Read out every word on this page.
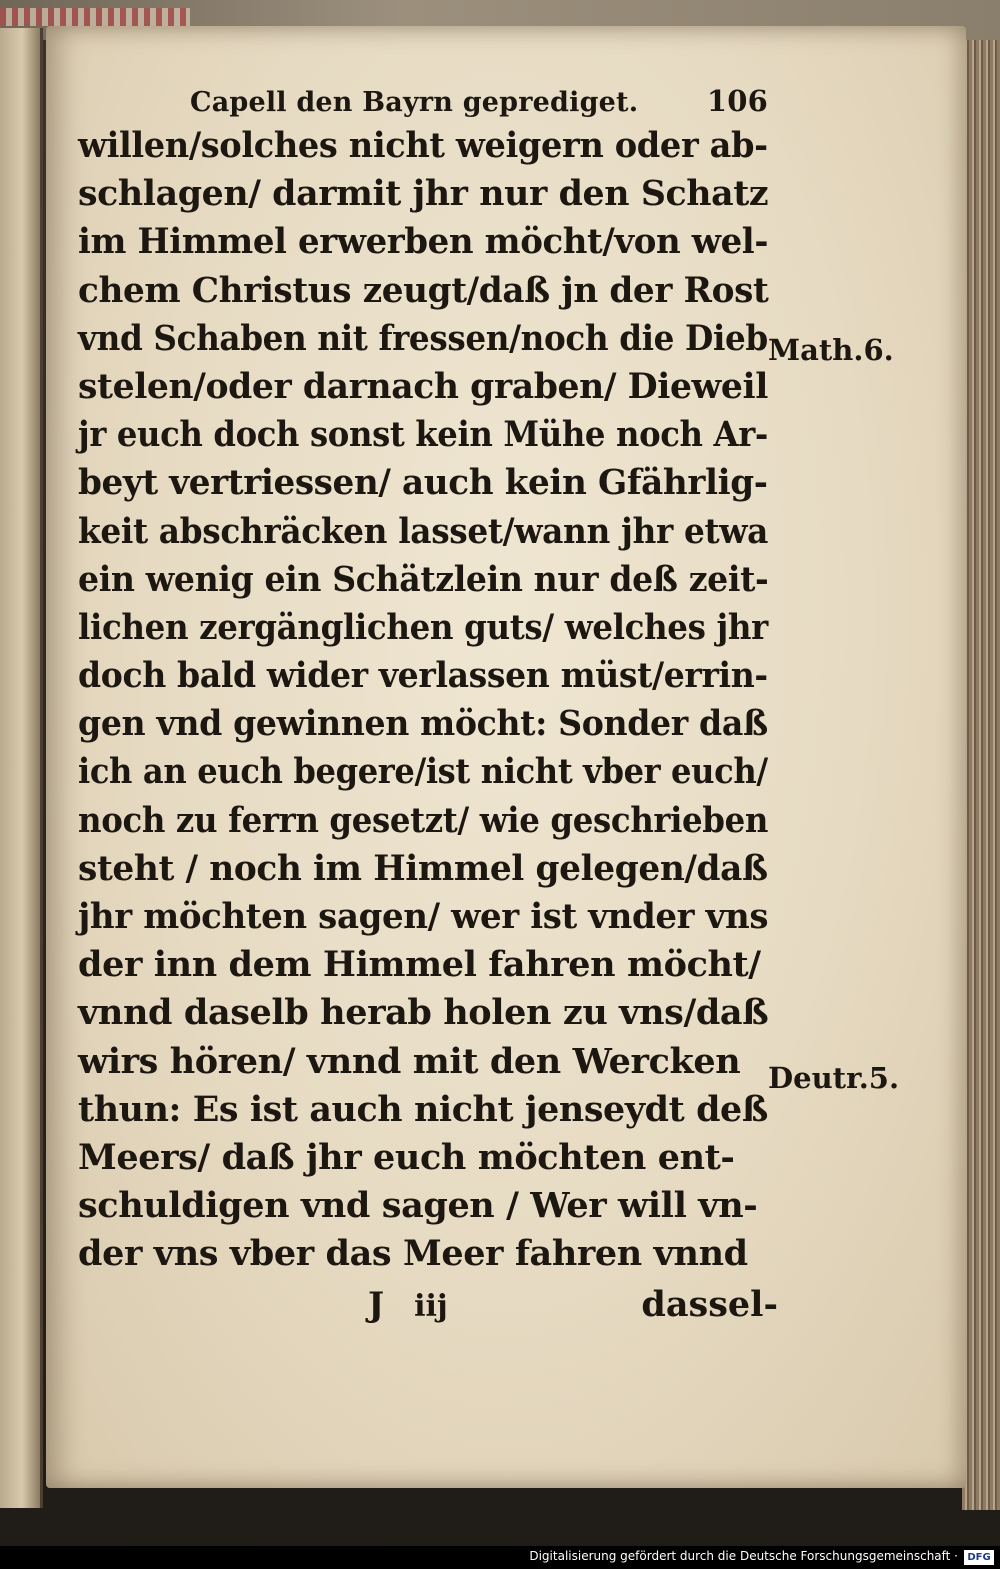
Capell den Bayrn geprediget. 106
willen/solches nicht weigern oder ab‑
schlagen/ darmit jhr nur den Schatz
im Himmel erwerben möcht/von wel‑
chem Christus zeugt/daß jn der Rost
vnd Schaben nit fressen/noch die Dieb
stelen/oder darnach graben/ Dieweil
jr euch doch sonst kein Mühe noch Ar‑
beyt vertriessen/ auch kein Gfährlig‑
keit abschräcken lasset/wann jhr etwa
ein wenig ein Schätzlein nur deß zeit‑
lichen zergänglichen guts/ welches jhr
doch bald wider verlassen müst/errin‑
gen vnd gewinnen möcht: Sonder daß
ich an euch begere/ist nicht vber euch/
noch zu ferrn gesetzt/ wie geschrieben
steht / noch im Himmel gelegen/daß
jhr möchten sagen/ wer ist vnder vns
der inn dem Himmel fahren möcht/
vnnd daselb herab holen zu vns/daß
wirs hören/ vnnd mit den Wercken
thun: Es ist auch nicht jenseydt deß
Meers/ daß jhr euch möchten ent‑
schuldigen vnd sagen / Wer will vn‑
der vns vber das Meer fahren vnnd
J iij	dassel‑
Math.6.
Deutr.5.
Digitalisierung gefördert durch die Deutsche Forschungsgemeinschaft · DFG
